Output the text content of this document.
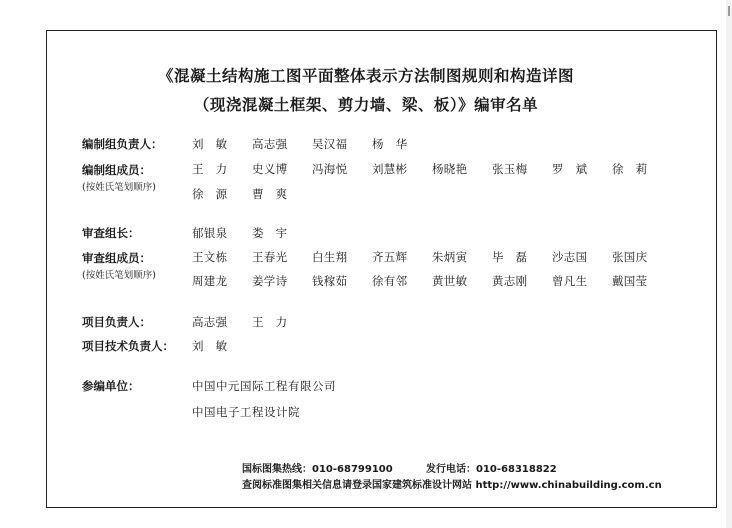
《混凝土结构施工图平面整体表示方法制图规则和构造详图
（现浇混凝土框架、剪力墙、梁、板）》编审名单
编制组负责人：	刘　敏 高志强 吴汉福 杨　华
编制组成员：
(按姓氏笔划顺序)
王　力 史义博 冯海悦 刘慧彬 杨晓艳 张玉梅 罗　斌 徐　莉
徐　源 曹　爽
审查组长：	郁银泉 娄　宇
审查组成员：
(按姓氏笔划顺序)
王文栋 王春光 白生翔 齐五辉 朱炳寅 毕　磊 沙志国 张国庆
周建龙 姜学诗 钱稼茹 徐有邻 黄世敏 黄志刚 曾凡生 戴国莹
项目负责人：	高志强 王　力
项目技术负责人： 刘　敏
参编单位：	中国中元国际工程有限公司
中国电子工程设计院
国标图集热线：010-68799100	发行电话：010-68318822
查阅标准图集相关信息请登录国家建筑标准设计网站 http://www.chinabuilding.com.cn
